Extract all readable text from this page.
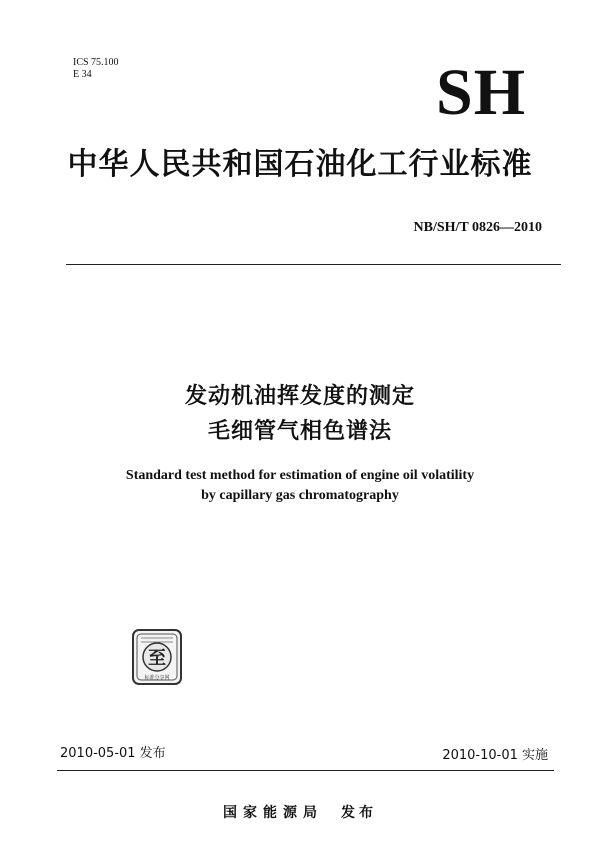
ICS 75.100
E 34	SH
中华人民共和国石油化工行业标准
NB/SH/T 0826—2010
发动机油挥发度的测定
毛细管气相色谱法
Standard test method for estimation of engine oil volatility
by capillary gas chromatography
至
标准分享网
2010-05-01 发布	2010-10-01 实施
国家能源局 发布
